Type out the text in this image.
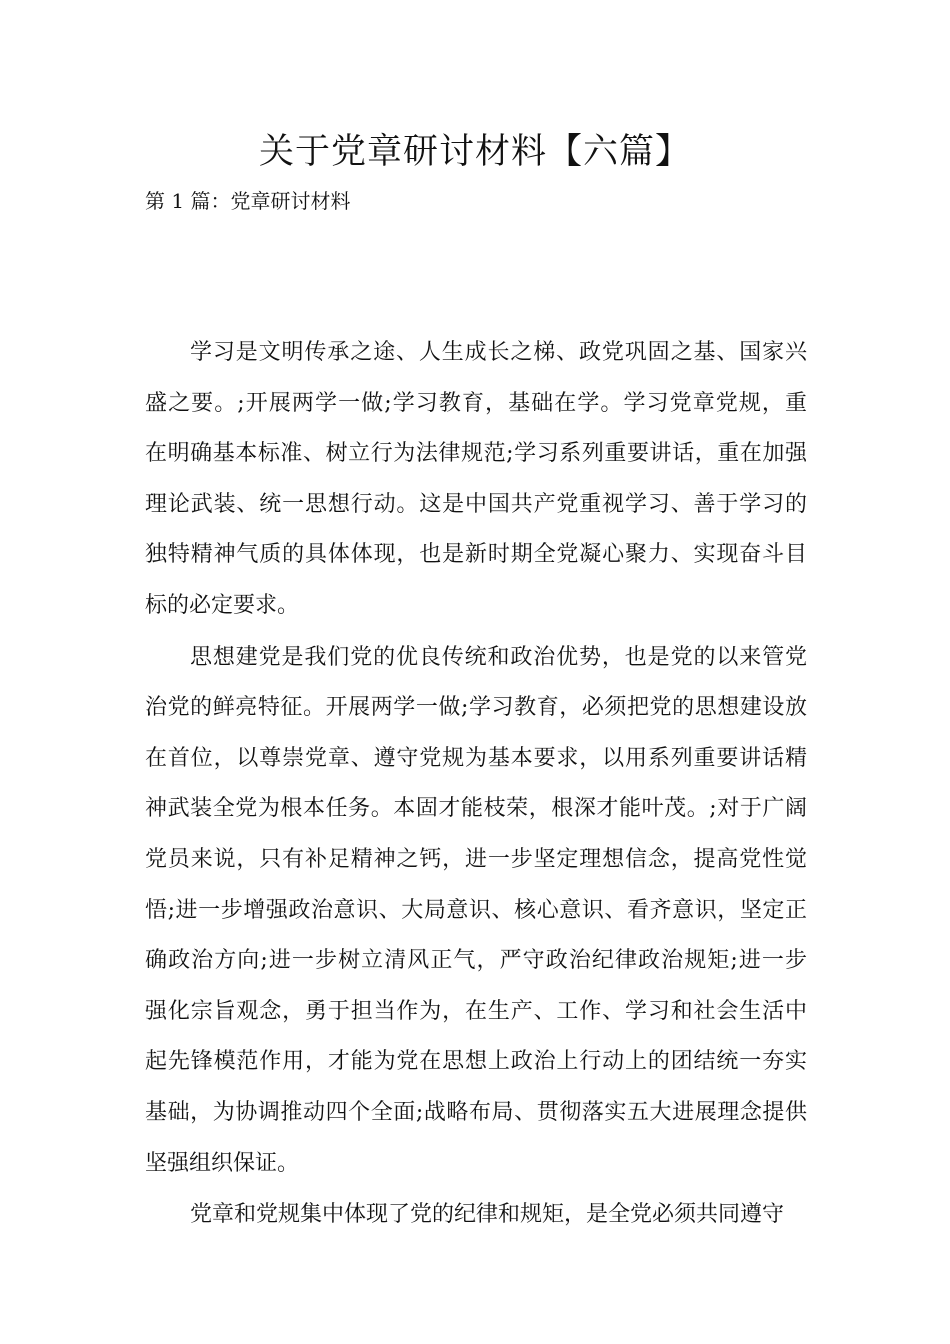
关于党章研讨材料【六篇】
第 1 篇：党章研讨材料
学习是文明传承之途、人生成长之梯、政党巩固之基、国家兴
盛之要。;开展两学一做;学习教育，基础在学。学习党章党规，重
在明确基本标准、树立行为法律规范;学习系列重要讲话，重在加强
理论武装、统一思想行动。这是中国共产党重视学习、善于学习的
独特精神气质的具体体现，也是新时期全党凝心聚力、实现奋斗目
标的必定要求。
思想建党是我们党的优良传统和政治优势，也是党的以来管党
治党的鲜亮特征。开展两学一做;学习教育，必须把党的思想建设放
在首位，以尊崇党章、遵守党规为基本要求，以用系列重要讲话精
神武装全党为根本任务。本固才能枝荣，根深才能叶茂。;对于广阔
党员来说，只有补足精神之钙，进一步坚定理想信念，提高党性觉
悟;进一步增强政治意识、大局意识、核心意识、看齐意识，坚定正
确政治方向;进一步树立清风正气，严守政治纪律政治规矩;进一步
强化宗旨观念，勇于担当作为，在生产、工作、学习和社会生活中
起先锋模范作用，才能为党在思想上政治上行动上的团结统一夯实
基础，为协调推动四个全面;战略布局、贯彻落实五大进展理念提供
坚强组织保证。
党章和党规集中体现了党的纪律和规矩，是全党必须共同遵守
